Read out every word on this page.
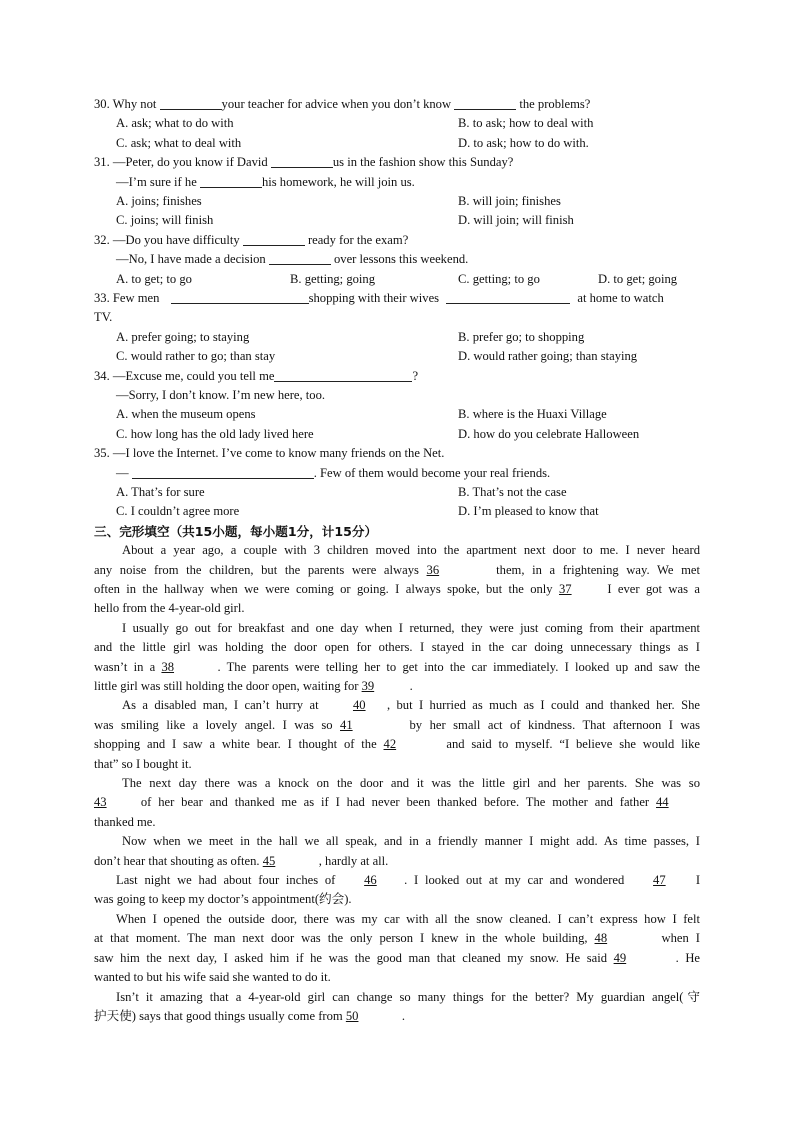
30. Why not	your teacher for advice when you don’t know	the problems?

A. ask; what to do with	B. to ask; how to deal with
C. ask; what to deal with	D. to ask; how to do with.

31. —Peter, do you know if David	us in the fashion show this Sunday?

—I’m sure if he	his homework, he will join us.

A. joins; finishes	B. will join; finishes
C. joins; will finish	D. will join; will finish

32. —Do you have difficulty	ready for the exam?

—No, I have made a decision	over lessons this weekend.

A. to get; to go	B. getting; going	C. getting; to go	D. to get; going

33. Few men	shopping with their wives	at home to watch

TV.

A. prefer going; to staying	B. prefer go; to shopping
C. would rather to go; than stay	D. would rather going; than staying

34. —Excuse me, could you tell me	?

—Sorry, I don’t know. I’m new here, too.

A. when the museum opens	B. where is the Huaxi Village
C. how long has the old lady lived here	D. how do you celebrate Halloween

35. —I love the Internet. I’ve come to know many friends on the Net.

—	. Few of them would become your real friends.

A. That’s for sure	B. That’s not the case
C. I couldn’t agree more	D. I’m pleased to know that

三、完形填空（共15小题，每小题1分，计15分）

About a year ago, a couple with 3 children moved into the apartment next door to me. I never heard
any noise from the children, but the parents were always 36	them, in a frightening way. We met
often in the hallway when we were coming or going. I always spoke, but the only 37	I ever got was a
hello from the 4-year-old girl.
I usually go out for breakfast and one day when I returned, they were just coming from their apartment
and the little girl was holding the door open for others. I stayed in the car doing unnecessary things as I
wasn’t in a 38	. The parents were telling her to get into the car immediately. I looked up and saw the
little girl was still holding the door open, waiting for 39	.
As a disabled man, I can’t hurry at	40 , but I hurried as much as I could and thanked her. She
was smiling like a lovely angel. I was so 41	by her small act of kindness. That afternoon I was
shopping and I saw a white bear. I thought of the 42	and said to myself. “I believe she would like
that” so I bought it.
The next day there was a knock on the door and it was the little girl and her parents. She was so
43	of her bear and thanked me as if I had never been thanked before. The mother and father 44
thanked me.
Now when we meet in the hall we all speak, and in a friendly manner I might add. As time passes, I
don’t hear that shouting as often. 45	, hardly at all.
Last night we had about four inches of 46 . I looked out at my car and wondered 47 I
was going to keep my doctor’s appointment(约会).
When I opened the outside door, there was my car with all the snow cleaned. I can’t express how I felt
at that moment. The man next door was the only person I knew in the whole building, 48	when I
saw him the next day, I asked him if he was the good man that cleaned my snow. He said 49	. He
wanted to but his wife said she wanted to do it.
Isn’t it amazing that a 4-year-old girl can change so many things for the better? My guardian angel(守
护天使) says that good things usually come from 50	.
